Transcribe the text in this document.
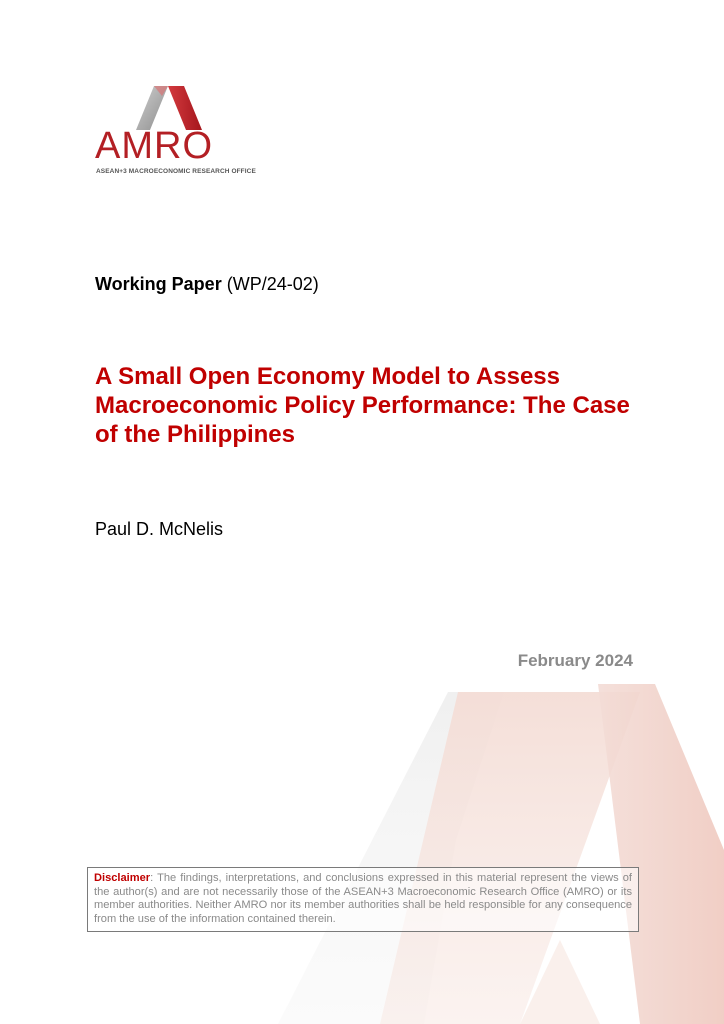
AMRO
ASEAN+3 MACROECONOMIC RESEARCH OFFICE
Working Paper (WP/24-02)
A Small Open Economy Model to Assess Macroeconomic Policy Performance: The Case of the Philippines
Paul D. McNelis
February 2024
Disclaimer: The findings, interpretations, and conclusions expressed in this material represent the views of the author(s) and are not necessarily those of the ASEAN+3 Macroeconomic Research Office (AMRO) or its member authorities. Neither AMRO nor its member authorities shall be held responsible for any consequence from the use of the information contained therein.
